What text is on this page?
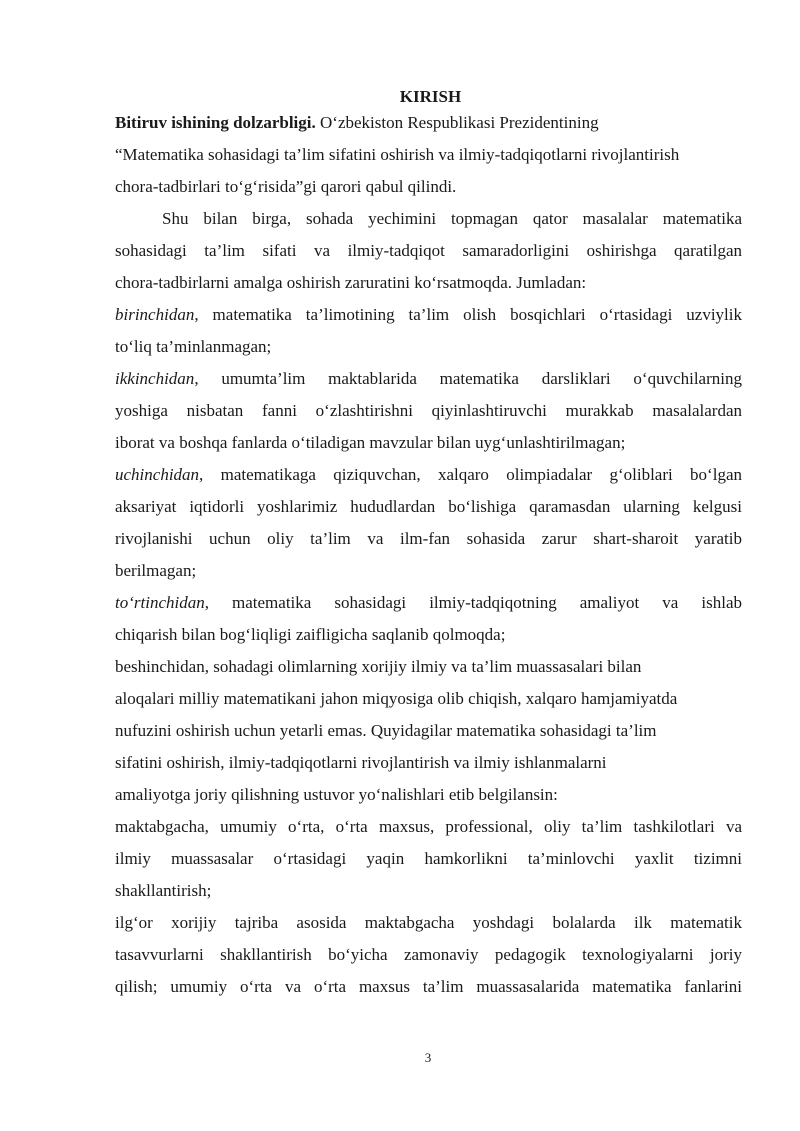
KIRISH

Bitiruv ishining dolzarbligi. O‘zbekiston Respublikasi Prezidentining

“Matematika sohasidagi ta’lim sifatini oshirish va ilmiy-tadqiqotlarni rivojlantirish

chora-tadbirlari to‘g‘risida”gi qarori qabul qilindi.

Shu bilan birga, sohada yechimini topmagan qator masalalar matematika

sohasidagi ta’lim sifati va ilmiy-tadqiqot samaradorligini oshirishga qaratilgan

chora-tadbirlarni amalga oshirish zaruratini ko‘rsatmoqda. Jumladan:

birinchidan, matematika ta’limotining ta’lim olish bosqichlari o‘rtasidagi uzviylik

to‘liq ta’minlanmagan;

ikkinchidan, umumta’lim maktablarida matematika darsliklari o‘quvchilarning

yoshiga nisbatan fanni o‘zlashtirishni qiyinlashtiruvchi murakkab masalalardan

iborat va boshqa fanlarda o‘tiladigan mavzular bilan uyg‘unlashtirilmagan;

uchinchidan, matematikaga qiziquvchan, xalqaro olimpiadalar g‘oliblari bo‘lgan

aksariyat iqtidorli yoshlarimiz hududlardan bo‘lishiga qaramasdan ularning kelgusi

rivojlanishi uchun oliy ta’lim va ilm-fan sohasida zarur shart-sharoit yaratib

berilmagan;

to‘rtinchidan, matematika sohasidagi ilmiy-tadqiqotning amaliyot va ishlab

chiqarish bilan bog‘liqligi zaifligicha saqlanib qolmoqda;

beshinchidan, sohadagi olimlarning xorijiy ilmiy va ta’lim muassasalari bilan

aloqalari milliy matematikani jahon miqyosiga olib chiqish, xalqaro hamjamiyatda

nufuzini oshirish uchun yetarli emas. Quyidagilar matematika sohasidagi ta’lim

sifatini oshirish, ilmiy-tadqiqotlarni rivojlantirish va ilmiy ishlanmalarni

amaliyotga joriy qilishning ustuvor yo‘nalishlari etib belgilansin:

maktabgacha, umumiy o‘rta, o‘rta maxsus, professional, oliy ta’lim tashkilotlari va

ilmiy muassasalar o‘rtasidagi yaqin hamkorlikni ta’minlovchi yaxlit tizimni

shakllantirish;

ilg‘or xorijiy tajriba asosida maktabgacha yoshdagi bolalarda ilk matematik

tasavvurlarni shakllantirish bo‘yicha zamonaviy pedagogik texnologiyalarni joriy

qilish; umumiy o‘rta va o‘rta maxsus ta’lim muassasalarida matematika fanlarini

3
